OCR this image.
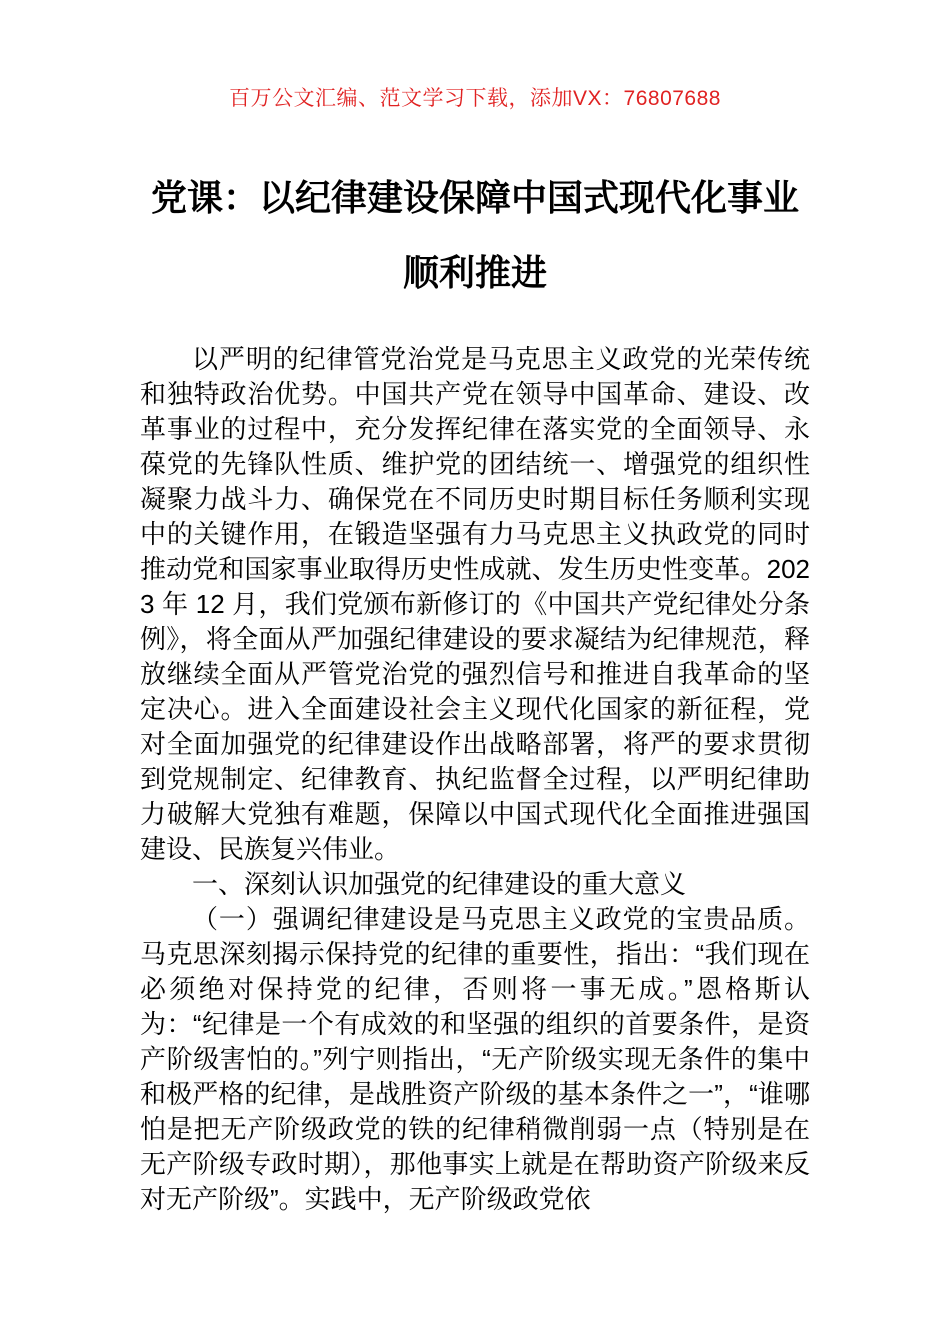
百万公文汇编、范文学习下载，添加VX：76807688
党课：以纪律建设保障中国式现代化事业顺利推进

以严明的纪律管党治党是马克思主义政党的光荣传统和独特政治优势。中国共产党在领导中国革命、建设、改革事业的过程中，充分发挥纪律在落实党的全面领导、永葆党的先锋队性质、维护党的团结统一、增强党的组织性凝聚力战斗力、确保党在不同历史时期目标任务顺利实现中的关键作用，在锻造坚强有力马克思主义执政党的同时推动党和国家事业取得历史性成就、发生历史性变革。2023 年 12 月，我们党颁布新修订的《中国共产党纪律处分条例》，将全面从严加强纪律建设的要求凝结为纪律规范，释放继续全面从严管党治党的强烈信号和推进自我革命的坚定决心。进入全面建设社会主义现代化国家的新征程，党对全面加强党的纪律建设作出战略部署，将严的要求贯彻到党规制定、纪律教育、执纪监督全过程，以严明纪律助力破解大党独有难题，保障以中国式现代化全面推进强国建设、民族复兴伟业。

一、深刻认识加强党的纪律建设的重大意义

（一）强调纪律建设是马克思主义政党的宝贵品质。马克思深刻揭示保持党的纪律的重要性，指出：“我们现在必须绝对保持党的纪律，否则将一事无成。”恩格斯认为：“纪律是一个有成效的和坚强的组织的首要条件，是资产阶级害怕的。”列宁则指出，“无产阶级实现无条件的集中和极严格的纪律，是战胜资产阶级的基本条件之一”，“谁哪怕是把无产阶级政党的铁的纪律稍微削弱一点（特别是在无产阶级专政时期），那他事实上就是在帮助资产阶级来反对无产阶级”。实践中，无产阶级政党依
